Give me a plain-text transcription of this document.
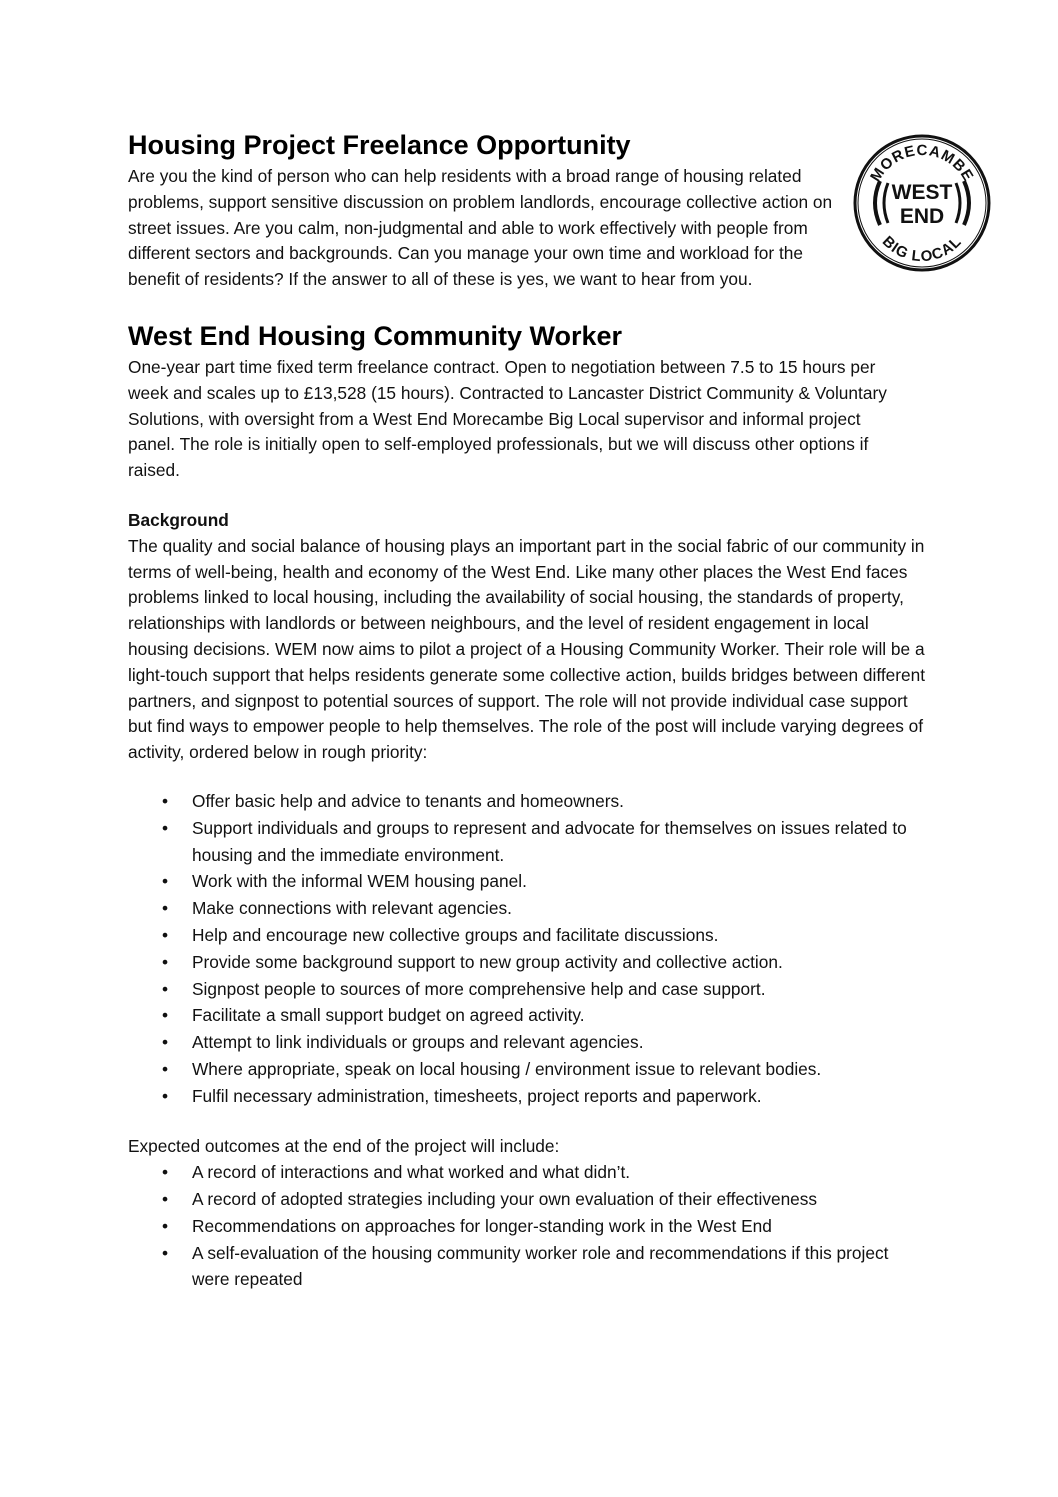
MORECAMBE
BIG LOCAL
WEST
END
Housing Project Freelance Opportunity

Are you the kind of person who can help residents with a broad range of housing related problems, support sensitive discussion on problem landlords, encourage collective action on street issues. Are you calm, non-judgmental and able to work effectively with people from different sectors and backgrounds. Can you manage your own time and workload for the benefit of residents? If the answer to all of these is yes, we want to hear from you.

West End Housing Community Worker

One-year part time fixed term freelance contract. Open to negotiation between 7.5 to 15 hours per week and scales up to £13,528 (15 hours). Contracted to Lancaster District Community & Voluntary Solutions, with oversight from a West End Morecambe Big Local supervisor and informal project panel. The role is initially open to self-employed professionals, but we will discuss other options if raised.

Background

The quality and social balance of housing plays an important part in the social fabric of our community in terms of well-being, health and economy of the West End. Like many other places the West End faces problems linked to local housing, including the availability of social housing, the standards of property, relationships with landlords or between neighbours, and the level of resident engagement in local housing decisions. WEM now aims to pilot a project of a Housing Community Worker. Their role will be a light-touch support that helps residents generate some collective action, builds bridges between different partners, and signpost to potential sources of support. The role will not provide individual case support but find ways to empower people to help themselves. The role of the post will include varying degrees of activity, ordered below in rough priority:

• Offer basic help and advice to tenants and homeowners.
• Support individuals and groups to represent and advocate for themselves on issues related to housing and the immediate environment.
• Work with the informal WEM housing panel.
• Make connections with relevant agencies.
• Help and encourage new collective groups and facilitate discussions.
• Provide some background support to new group activity and collective action.
• Signpost people to sources of more comprehensive help and case support.
• Facilitate a small support budget on agreed activity.
• Attempt to link individuals or groups and relevant agencies.
• Where appropriate, speak on local housing / environment issue to relevant bodies.
• Fulfil necessary administration, timesheets, project reports and paperwork.

Expected outcomes at the end of the project will include:

• A record of interactions and what worked and what didn’t.
• A record of adopted strategies including your own evaluation of their effectiveness
• Recommendations on approaches for longer-standing work in the West End
• A self-evaluation of the housing community worker role and recommendations if this project were repeated
